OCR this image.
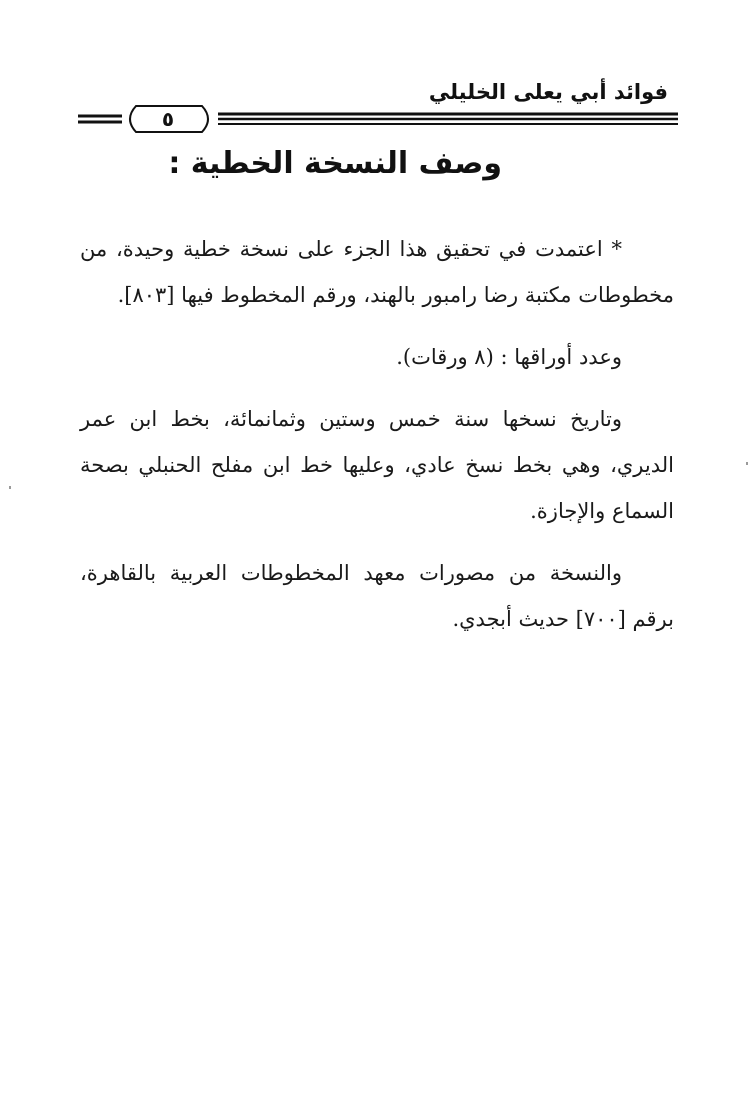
فوائد أبي يعلى الخليلي
٥
وصف النسخة الخطية :

* اعتمدت في تحقيق هذا الجزء على نسخة خطية وحيدة، من مخطوطات مكتبة رضا رامبور بالهند، ورقم المخطوط فيها [٨٠٣].

وعدد أوراقها : (٨ ورقات).

وتاريخ نسخها سنة خمس وستين وثمانمائة، بخط ابن عمر الديري، وهي بخط نسخ عادي، وعليها خط ابن مفلح الحنبلي بصحة السماع والإجازة.

والنسخة من مصورات معهد المخطوطات العربية بالقاهرة، برقم [٧٠٠] حديث أبجدي.
